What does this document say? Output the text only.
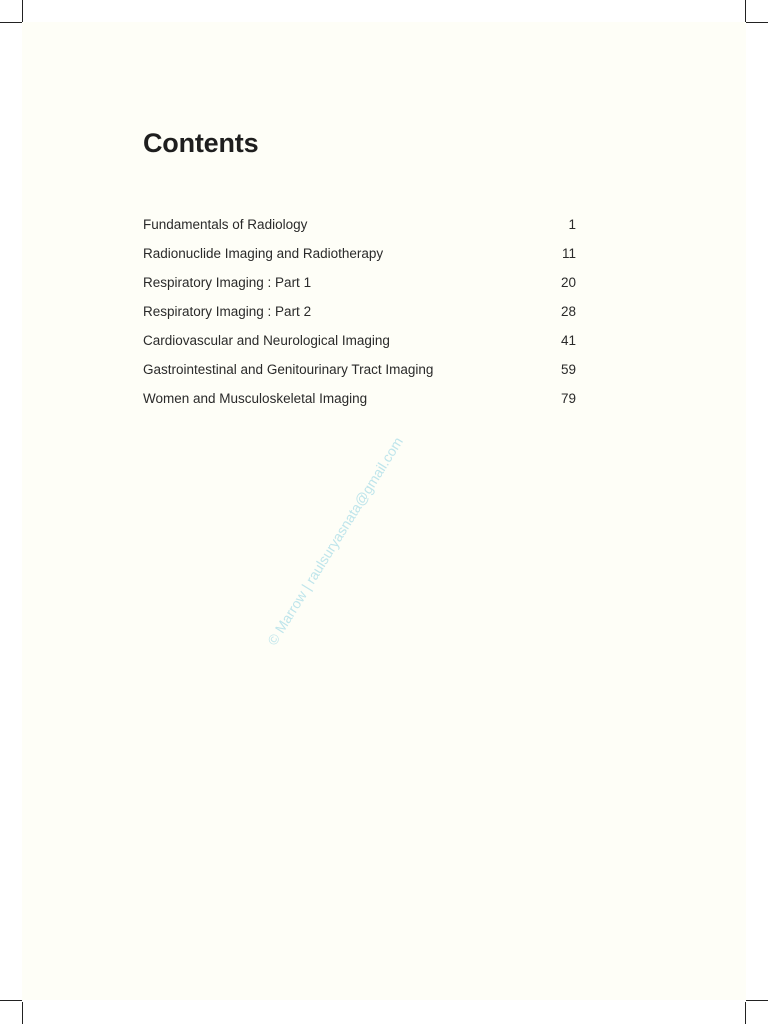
Contents
Fundamentals of Radiology	1
Radionuclide Imaging and Radiotherapy	11
Respiratory Imaging : Part 1	20
Respiratory Imaging : Part 2	28
Cardiovascular and Neurological Imaging	41
Gastrointestinal and Genitourinary Tract Imaging	59
Women and Musculoskeletal Imaging	79
© Marrow | raulsuryasnata@gmail.com
